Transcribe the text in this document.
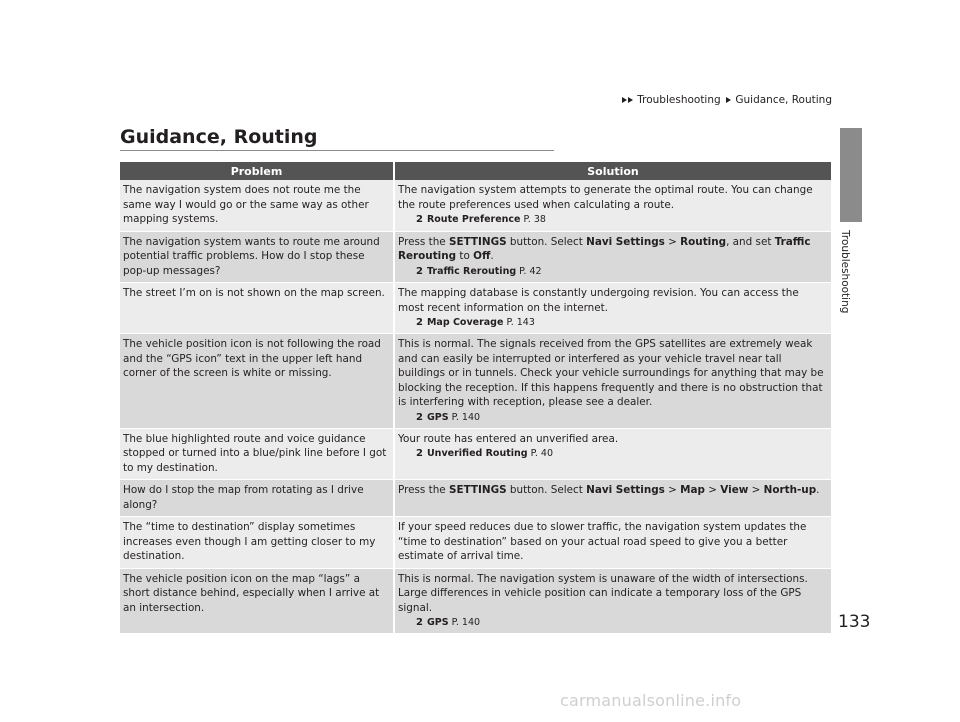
Troubleshooting Guidance, Routing
Guidance, Routing
Troubleshooting
Problem	Solution
The navigation system does not route me the same way I would go or the same way as other mapping systems.	The navigation system attempts to generate the optimal route. You can change the route preferences used when calculating a route.
2 Route Preference P. 38

The navigation system wants to route me around potential traffic problems. How do I stop these pop-up messages?	Press the SETTINGS button. Select Navi Settings > Routing, and set Traffic Rerouting to Off.
2 Traffic Rerouting P. 42

The street I’m on is not shown on the map screen.	The mapping database is constantly undergoing revision. You can access the most recent information on the internet.
2 Map Coverage P. 143

The vehicle position icon is not following the road and the “GPS icon” text in the upper left hand corner of the screen is white or missing.	This is normal. The signals received from the GPS satellites are extremely weak and can easily be interrupted or interfered as your vehicle travel near tall buildings or in tunnels. Check your vehicle surroundings for anything that may be blocking the reception. If this happens frequently and there is no obstruction that is interfering with reception, please see a dealer.
2 GPS P. 140

The blue highlighted route and voice guidance stopped or turned into a blue/pink line before I got to my destination.	Your route has entered an unverified area.
2 Unverified Routing P. 40

How do I stop the map from rotating as I drive along?	Press the SETTINGS button. Select Navi Settings > Map > View > North-up.
The “time to destination” display sometimes increases even though I am getting closer to my destination.	If your speed reduces due to slower traffic, the navigation system updates the “time to destination” based on your actual road speed to give you a better estimate of arrival time.
The vehicle position icon on the map “lags” a short distance behind, especially when I arrive at an intersection.	This is normal. The navigation system is unaware of the width of intersections. Large differences in vehicle position can indicate a temporary loss of the GPS signal.
2 GPS P. 140	133
carmanualsonline.info
